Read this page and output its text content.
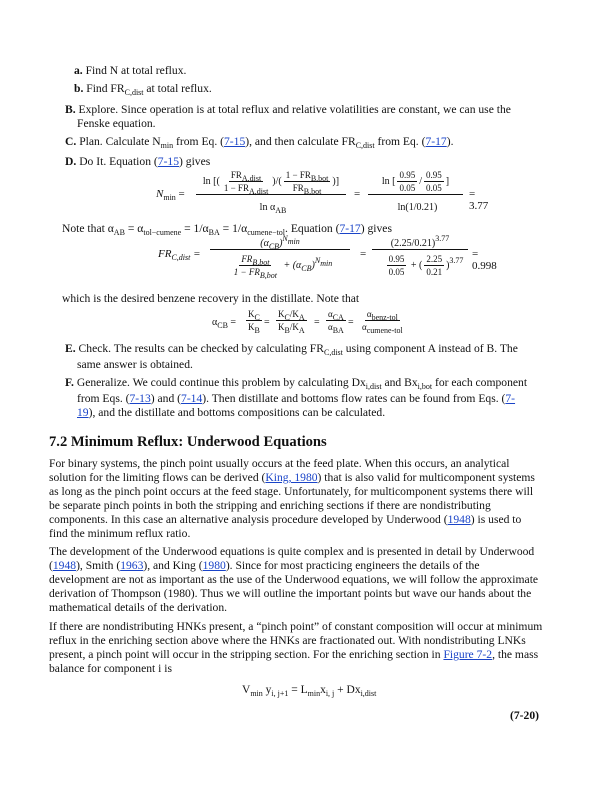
a. Find N at total reflux.
b. Find $FR_{C,dist}$ at total reflux.
B. Explore. Since operation is at total reflux and relative volatilities are constant, we can use the
Fenske equation.
C. Plan. Calculate $N_{min}$ from Eq. (7-15), and then calculate $FR_{C,dist}$ from Eq. (7-17).
D. Do It. Equation (7-15) gives
$N_{min}$ =
ln [( $\frac{FR_{A,dist}}{1 - FR_{A,dist}}$ )/( $\frac{1 - FR_{B,bot}}{FR_{B,bot}}$ )]
$\ln \alpha_{AB}$
=
ln [ $\frac{0.95}{0.05} / \frac{0.95}{0.05}$ ]
ln(1/0.21)
= 3.77
Note that $\alpha_{AB} = \alpha_{tol-cumene} = 1/\alpha_{BA} = 1/\alpha_{cumene-tol}$. Equation (7-17) gives
$FR_{C,dist}$ =
$(\alpha_{CB})^{N_{min}}$
$\frac{FR_{B,bot}}{1 - FR_{B,bot}} + (\alpha_{CB})^{N_{min}}$
=
$(2.25/0.21)^{3.77}$
$\frac{0.95}{0.05}$ + ( $\frac{2.25}{0.21} )^{3.77}$
= 0.998
which is the desired benzene recovery in the distillate. Note that
$\alpha_{CB} = \frac{K_C}{K_B} = \frac{K_C/K_A}{K_B/K_A} = \frac{\alpha_{CA}}{\alpha_{BA}} = \frac{\alpha_{benz-tol}}{\alpha_{cumene-tol}}$
E. Check. The results can be checked by calculating $FR_{C,dist}$ using component A instead of B. The
same answer is obtained.
F. Generalize. We could continue this problem by calculating $Dx_{i,dist}$ and $Bx_{i,bot}$ for each component
from Eqs. (7-13) and (7-14). Then distillate and bottoms flow rates can be found from Eqs. (7-
19), and the distillate and bottoms compositions can be calculated.
7.2 Minimum Reflux: Underwood Equations
For binary systems, the pinch point usually occurs at the feed plate. When this occurs, an analytical
solution for the limiting flows can be derived (King, 1980) that is also valid for multicomponent systems
as long as the pinch point occurs at the feed stage. Unfortunately, for multicomponent systems there will
be separate pinch points in both the stripping and enriching sections if there are nondistributing
components. In this case an alternative analysis procedure developed by Underwood (1948) is used to
find the minimum reflux ratio.
The development of the Underwood equations is quite complex and is presented in detail by Underwood
(1948), Smith (1963), and King (1980). Since for most practicing engineers the details of the
development are not as important as the use of the Underwood equations, we will follow the approximate
derivation of Thompson (1980). Thus we will outline the important points but wave our hands about the
mathematical details of the derivation.
If there are nondistributing HNKs present, a “pinch point” of constant composition will occur at minimum
reflux in the enriching section above where the HNKs are fractionated out. With nondistributing LNKs
present, a pinch point will occur in the stripping section. For the enriching section in Figure 7-2, the mass
balance for component i is
$V_{min}$ $y_{i, j+1} = L_{min}x_{i, j} + Dx_{i,dist}$
(7-20)
